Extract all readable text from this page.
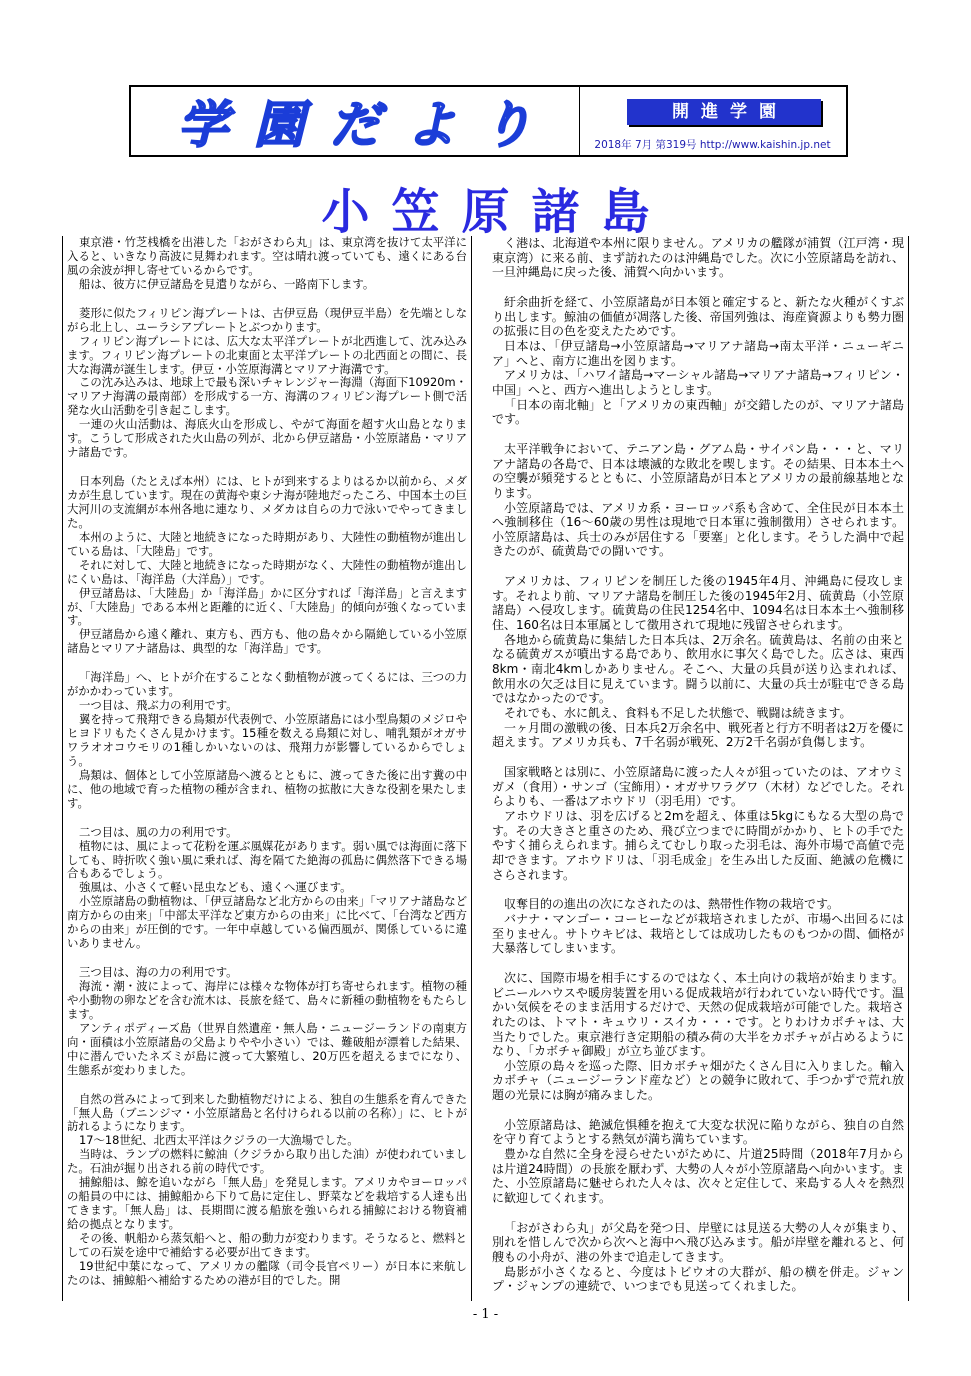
学園だより	開進学園
2018年 7月 第319号 http://www.kaishin.jp.net
小笠原諸島

東京港・竹芝桟橋を出港した「おがさわら丸」は、東京湾を抜けて太平洋に入ると、いきなり高波に見舞われます。空は晴れ渡っていても、遠くにある台風の余波が押し寄せているからです。

船は、彼方に伊豆諸島を見遣りながら、一路南下します。

菱形に似たフィリピン海プレートは、古伊豆島（現伊豆半島）を先端としながら北上し、ユーラシアプレートとぶつかります。

フィリピン海プレートには、広大な太平洋プレートが北西進して、沈み込みます。フィリピン海プレートの北東面と太平洋プレートの北西面との間に、長大な海溝が誕生します。伊豆・小笠原海溝とマリアナ海溝です。

この沈み込みは、地球上で最も深いチャレンジャー海淵（海面下10920m・マリアナ海溝の最南部）を形成する一方、海溝のフィリピン海プレート側で活発な火山活動を引き起こします。

一連の火山活動は、海底火山を形成し、やがて海面を超す火山島となります。こうして形成された火山島の列が、北から伊豆諸島・小笠原諸島・マリアナ諸島です。

日本列島（たとえば本州）には、ヒトが到来するよりはるか以前から、メダカが生息しています。現在の黄海や東シナ海が陸地だったころ、中国本土の巨大河川の支流網が本州各地に連なり、メダカは自らの力で泳いでやってきました。

本州のように、大陸と地続きになった時期があり、大陸性の動植物が進出している島は、「大陸島」です。

それに対して、大陸と地続きになった時期がなく、大陸性の動植物が進出しにくい島は、「海洋島（大洋島）」です。

伊豆諸島は、「大陸島」か「海洋島」かに区分すれば「海洋島」と言えますが、「大陸島」である本州と距離的に近く、「大陸島」的傾向が強くなっています。

伊豆諸島から遠く離れ、東方も、西方も、他の島々から隔絶している小笠原諸島とマリアナ諸島は、典型的な「海洋島」です。

「海洋島」へ、ヒトが介在することなく動植物が渡ってくるには、三つの力がかかわっています。

一つ目は、飛ぶ力の利用です。

翼を持って飛翔できる鳥類が代表例で、小笠原諸島には小型鳥類のメジロやヒヨドリもたくさん見かけます。15種を数える鳥類に対し、哺乳類がオガサワラオオコウモリの1種しかいないのは、飛翔力が影響しているからでしょう。

鳥類は、個体として小笠原諸島へ渡るとともに、渡ってきた後に出す糞の中に、他の地域で育った植物の種が含まれ、植物の拡散に大きな役割を果たします。

二つ目は、風の力の利用です。

植物には、風によって花粉を運ぶ風媒花があります。弱い風では海面に落下しても、時折吹く強い風に乗れば、海を隔てた絶海の孤島に偶然落下できる場合もあるでしょう。

強風は、小さくて軽い昆虫なども、遠くへ運びます。

小笠原諸島の動植物は、「伊豆諸島など北方からの由来」「マリアナ諸島など南方からの由来」「中部太平洋など東方からの由来」に比べて、「台湾など西方からの由来」が圧倒的です。一年中卓越している偏西風が、関係しているに違いありません。

三つ目は、海の力の利用です。

海流・潮・波によって、海岸には様々な物体が打ち寄せられます。植物の種や小動物の卵などを含む流木は、長旅を経て、島々に新種の動植物をもたらします。

アンティポディーズ島（世界自然遺産・無人島・ニュージーランドの南東方向・面積は小笠原諸島の父島よりやや小さい）では、難破船が漂着した結果、中に潜んでいたネズミが島に渡って大繁殖し、20万匹を超えるまでになり、生態系が変わりました。

自然の営みによって到来した動植物だけによる、独自の生態系を育んできた「無人島（ブニンジマ・小笠原諸島と名付けられる以前の名称）」に、ヒトが訪れるようになります。

17～18世紀、北西太平洋はクジラの一大漁場でした。

当時は、ランプの燃料に鯨油（クジラから取り出した油）が使われていました。石油が掘り出される前の時代です。

捕鯨船は、鯨を追いながら「無人島」を発見します。アメリカやヨーロッパの船員の中には、捕鯨船から下りて島に定住し、野菜などを栽培する人達も出てきます。「無人島」は、長期間に渡る船旅を強いられる捕鯨における物資補給の拠点となります。

その後、帆船から蒸気船へと、船の動力が変わります。そうなると、燃料としての石炭を途中で補給する必要が出てきます。

19世紀中葉になって、アメリカの艦隊（司令長官ペリー）が日本に来航したのは、捕鯨船へ補給するための港が目的でした。開

く港は、北海道や本州に限りません。アメリカの艦隊が浦賀（江戸湾・現東京湾）に来る前、まず訪れたのは沖縄島でした。次に小笠原諸島を訪れ、一旦沖縄島に戻った後、浦賀へ向かいます。

紆余曲折を経て、小笠原諸島が日本領と確定すると、新たな火種がくすぶり出します。鯨油の価値が凋落した後、帝国列強は、海産資源よりも勢力圏の拡張に目の色を変えたためです。

日本は、「伊豆諸島→小笠原諸島→マリアナ諸島→南太平洋・ニューギニア」へと、南方に進出を図ります。

アメリカは、「ハワイ諸島→マーシャル諸島→マリアナ諸島→フィリピン・中国」へと、西方へ進出しようとします。

「日本の南北軸」と「アメリカの東西軸」が交錯したのが、マリアナ諸島です。

太平洋戦争において、テニアン島・グアム島・サイパン島・・・と、マリアナ諸島の各島で、日本は壊滅的な敗北を喫します。その結果、日本本土への空襲が頻発するとともに、小笠原諸島が日本とアメリカの最前線基地となります。

小笠原諸島では、アメリカ系・ヨーロッパ系も含めて、全住民が日本本土へ強制移住（16～60歳の男性は現地で日本軍に強制徴用）させられます。小笠原諸島は、兵士のみが居住する「要塞」と化します。そうした渦中で起きたのが、硫黄島での闘いです。

アメリカは、フィリピンを制圧した後の1945年4月、沖縄島に侵攻します。それより前、マリアナ諸島を制圧した後の1945年2月、硫黄島（小笠原諸島）へ侵攻します。硫黄島の住民1254名中、1094名は日本本土へ強制移住、160名は日本軍属として徴用されて現地に残留させられます。

各地から硫黄島に集結した日本兵は、2万余名。硫黄島は、名前の由来となる硫黄ガスが噴出する島であり、飲用水に事欠く島でした。広さは、東西8km・南北4kmしかありません。そこへ、大量の兵員が送り込まれれば、飲用水の欠乏は目に見えています。闘う以前に、大量の兵士が駐屯できる島ではなかったのです。

それでも、水に飢え、食料も不足した状態で、戦闘は続きます。

一ヶ月間の激戦の後、日本兵2万余名中、戦死者と行方不明者は2万を優に超えます。アメリカ兵も、7千名弱が戦死、2万2千名弱が負傷します。

国家戦略とは別に、小笠原諸島に渡った人々が狙っていたのは、アオウミガメ（食用）・サンゴ（宝飾用）・オガサワラグワ（木材）などでした。それらよりも、一番はアホウドリ（羽毛用）です。

アホウドリは、羽を広げると2mを超え、体重は5kgにもなる大型の鳥です。その大きさと重さのため、飛び立つまでに時間がかかり、ヒトの手でたやすく捕らえられます。捕らえてむしり取った羽毛は、海外市場で高値で売却できます。アホウドリは、「羽毛成金」を生み出した反面、絶滅の危機にさらされます。

収奪目的の進出の次になされたのは、熱帯性作物の栽培です。

バナナ・マンゴー・コーヒーなどが栽培されましたが、市場へ出回るには至りません。サトウキビは、栽培としては成功したものもつかの間、価格が大暴落してしまいます。

次に、国際市場を相手にするのではなく、本土向けの栽培が始まります。ビニールハウスや暖房装置を用いる促成栽培が行われていない時代です。温かい気候をそのまま活用するだけで、天然の促成栽培が可能でした。栽培されたのは、トマト・キュウリ・スイカ・・・です。とりわけカボチャは、大当たりでした。東京港行き定期船の積み荷の大半をカボチャが占めるようになり、「カボチャ御殿」が立ち並びます。

小笠原の島々を巡った際、旧カボチャ畑がたくさん目に入りました。輸入カボチャ（ニュージーランド産など）との競争に敗れて、手つかずで荒れ放題の光景には胸が痛みました。

小笠原諸島は、絶滅危惧種を抱えて大変な状況に陥りながら、独自の自然を守り育てようとする熱気が満ち満ちています。

豊かな自然に全身を浸らせたいがために、片道25時間（2018年7月からは片道24時間）の長旅を厭わず、大勢の人々が小笠原諸島へ向かいます。また、小笠原諸島に魅せられた人々は、次々と定住して、来島する人々を熱烈に歓迎してくれます。

「おがさわら丸」が父島を発つ日、岸壁には見送る大勢の人々が集まり、別れを惜しんで次から次へと海中へ飛び込みます。船が岸壁を離れると、何艘もの小舟が、港の外まで追走してきます。

島影が小さくなると、今度はトビウオの大群が、船の横を併走。ジャンプ・ジャンプの連続で、いつまでも見送ってくれました。

- 1 -
